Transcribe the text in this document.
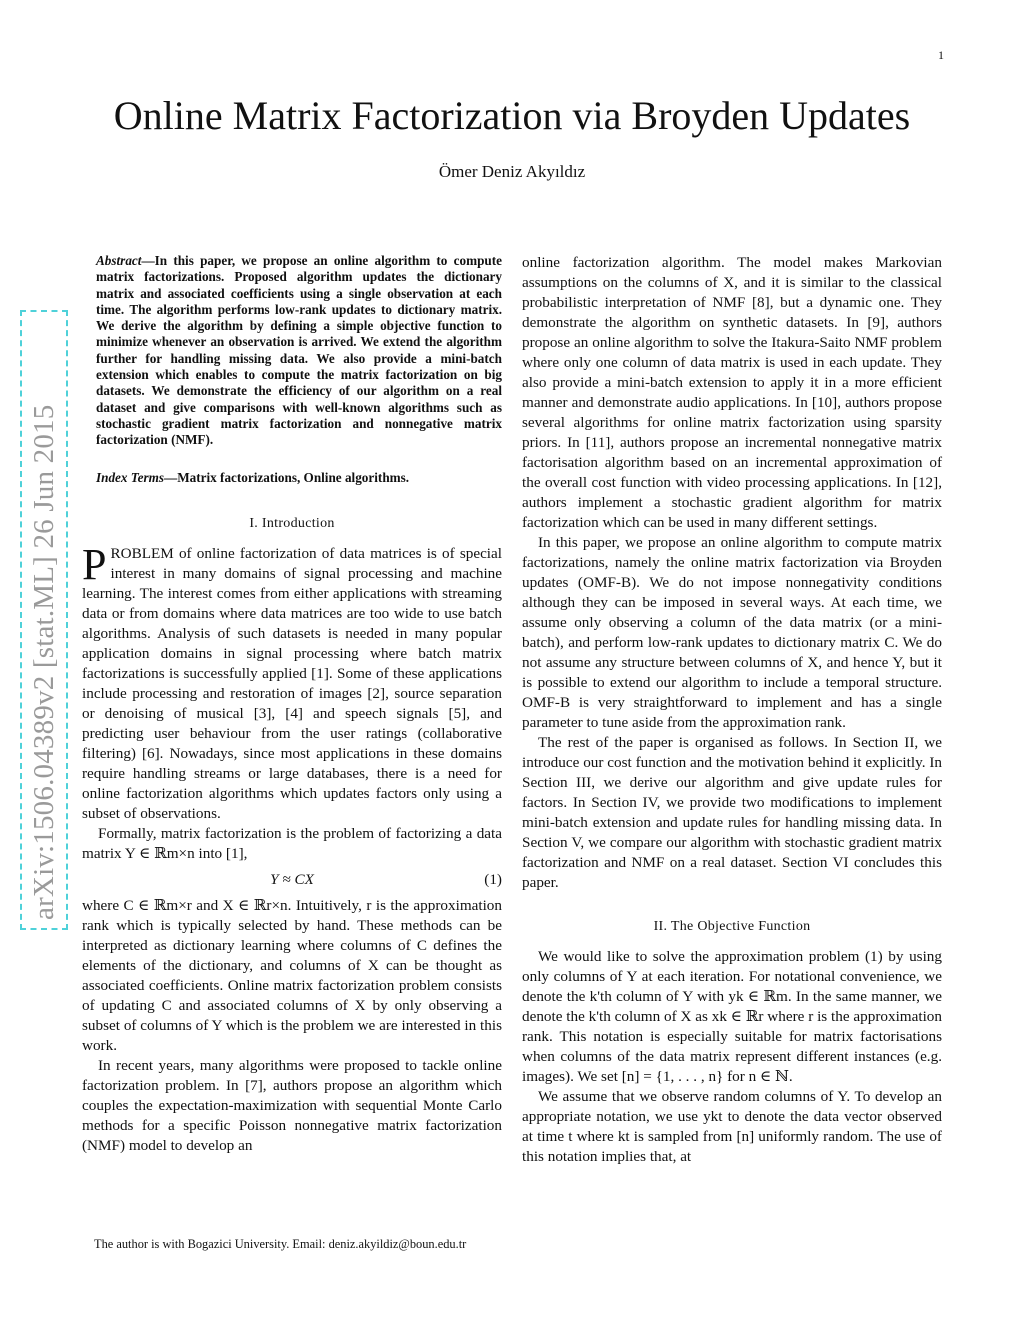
1
arXiv:1506.04389v2 [stat.ML] 26 Jun 2015
Online Matrix Factorization via Broyden Updates
Ömer Deniz Akyıldız

Abstract—In this paper, we propose an online algorithm to compute matrix factorizations. Proposed algorithm updates the dictionary matrix and associated coefficients using a single observation at each time. The algorithm performs low-rank updates to dictionary matrix. We derive the algorithm by defining a simple objective function to minimize whenever an observation is arrived. We extend the algorithm further for handling missing data. We also provide a mini-batch extension which enables to compute the matrix factorization on big datasets. We demonstrate the efficiency of our algorithm on a real dataset and give comparisons with well-known algorithms such as stochastic gradient matrix factorization and nonnegative matrix factorization (NMF).

Index Terms—Matrix factorizations, Online algorithms.

I. Introduction

PROBLEM of online factorization of data matrices is of special interest in many domains of signal processing and machine learning. The interest comes from either applications with streaming data or from domains where data matrices are too wide to use batch algorithms. Analysis of such datasets is needed in many popular application domains in signal processing where batch matrix factorizations is successfully applied [1]. Some of these applications include processing and restoration of images [2], source separation or denoising of musical [3], [4] and speech signals [5], and predicting user behaviour from the user ratings (collaborative filtering) [6]. Nowadays, since most applications in these domains require handling streams or large databases, there is a need for online factorization algorithms which updates factors only using a subset of observations.

Formally, matrix factorization is the problem of factorizing a data matrix Y ∈ ℝm×n into [1],

Y ≈ CX	(1)

where C ∈ ℝm×r and X ∈ ℝr×n. Intuitively, r is the approximation rank which is typically selected by hand. These methods can be interpreted as dictionary learning where columns of C defines the elements of the dictionary, and columns of X can be thought as associated coefficients. Online matrix factorization problem consists of updating C and associated columns of X by only observing a subset of columns of Y which is the problem we are interested in this work.

In recent years, many algorithms were proposed to tackle online factorization problem. In [7], authors propose an algorithm which couples the expectation-maximization with sequential Monte Carlo methods for a specific Poisson nonnegative matrix factorization (NMF) model to develop an

online factorization algorithm. The model makes Markovian assumptions on the columns of X, and it is similar to the classical probabilistic interpretation of NMF [8], but a dynamic one. They demonstrate the algorithm on synthetic datasets. In [9], authors propose an online algorithm to solve the Itakura-Saito NMF problem where only one column of data matrix is used in each update. They also provide a mini-batch extension to apply it in a more efficient manner and demonstrate audio applications. In [10], authors propose several algorithms for online matrix factorization using sparsity priors. In [11], authors propose an incremental nonnegative matrix factorisation algorithm based on an incremental approximation of the overall cost function with video processing applications. In [12], authors implement a stochastic gradient algorithm for matrix factorization which can be used in many different settings.

In this paper, we propose an online algorithm to compute matrix factorizations, namely the online matrix factorization via Broyden updates (OMF-B). We do not impose nonnegativity conditions although they can be imposed in several ways. At each time, we assume only observing a column of the data matrix (or a mini-batch), and perform low-rank updates to dictionary matrix C. We do not assume any structure between columns of X, and hence Y, but it is possible to extend our algorithm to include a temporal structure. OMF-B is very straightforward to implement and has a single parameter to tune aside from the approximation rank.

The rest of the paper is organised as follows. In Section II, we introduce our cost function and the motivation behind it explicitly. In Section III, we derive our algorithm and give update rules for factors. In Section IV, we provide two modifications to implement mini-batch extension and update rules for handling missing data. In Section V, we compare our algorithm with stochastic gradient matrix factorization and NMF on a real dataset. Section VI concludes this paper.

II. The Objective Function

We would like to solve the approximation problem (1) by using only columns of Y at each iteration. For notational convenience, we denote the k'th column of Y with yk ∈ ℝm. In the same manner, we denote the k'th column of X as xk ∈ ℝr where r is the approximation rank. This notation is especially suitable for matrix factorisations when columns of the data matrix represent different instances (e.g. images). We set [n] = {1, . . . , n} for n ∈ ℕ.

We assume that we observe random columns of Y. To develop an appropriate notation, we use ykt to denote the data vector observed at time t where kt is sampled from [n] uniformly random. The use of this notation implies that, at

The author is with Bogazici University. Email: deniz.akyildiz@boun.edu.tr
